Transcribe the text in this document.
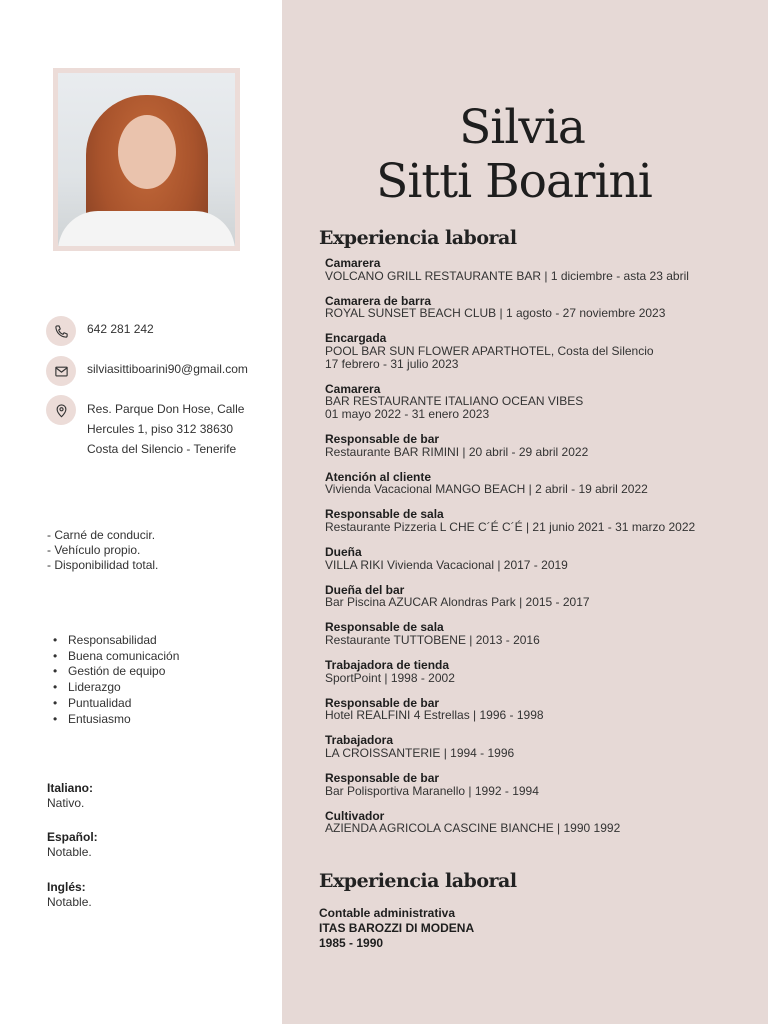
642 281 242
silviasittiboarini90@gmail.com
Res. Parque Don Hose, Calle
Hercules 1, piso 312 38630
Costa del Silencio - Tenerife
- Carné de conducir.
- Vehículo propio.
- Disponibilidad total.
• Responsabilidad
• Buena comunicación
• Gestión de equipo
• Liderazgo
• Puntualidad
• Entusiasmo
Italiano:
Nativo.
Español:
Notable.
Inglés:
Notable.
Silvia
Sitti Boarini
Experiencia laboral
Camarera
VOLCANO GRILL RESTAURANTE BAR | 1 diciembre - asta 23 abril
Camarera de barra
ROYAL SUNSET BEACH CLUB | 1 agosto - 27 noviembre 2023
Encargada
POOL BAR SUN FLOWER APARTHOTEL, Costa del Silencio
17 febrero - 31 julio 2023
Camarera
BAR RESTAURANTE ITALIANO OCEAN VIBES
01 mayo 2022 - 31 enero 2023
Responsable de bar
Restaurante BAR RIMINI | 20 abril - 29 abril 2022
Atención al cliente
Vivienda Vacacional MANGO BEACH | 2 abril - 19 abril 2022
Responsable de sala
Restaurante Pizzeria L CHE C´É C´É | 21 junio 2021 - 31 marzo 2022
Dueña
VILLA RIKI Vivienda Vacacional | 2017 - 2019
Dueña del bar
Bar Piscina AZUCAR Alondras Park | 2015 - 2017
Responsable de sala
Restaurante TUTTOBENE | 2013 - 2016
Trabajadora de tienda
SportPoint | 1998 - 2002
Responsable de bar
Hotel REALFINI 4 Estrellas | 1996 - 1998
Trabajadora
LA CROISSANTERIE | 1994 - 1996
Responsable de bar
Bar Polisportiva Maranello | 1992 - 1994
Cultivador
AZIENDA AGRICOLA CASCINE BIANCHE | 1990 1992
Experiencia laboral
Contable administrativa
ITAS BAROZZI DI MODENA
1985 - 1990
